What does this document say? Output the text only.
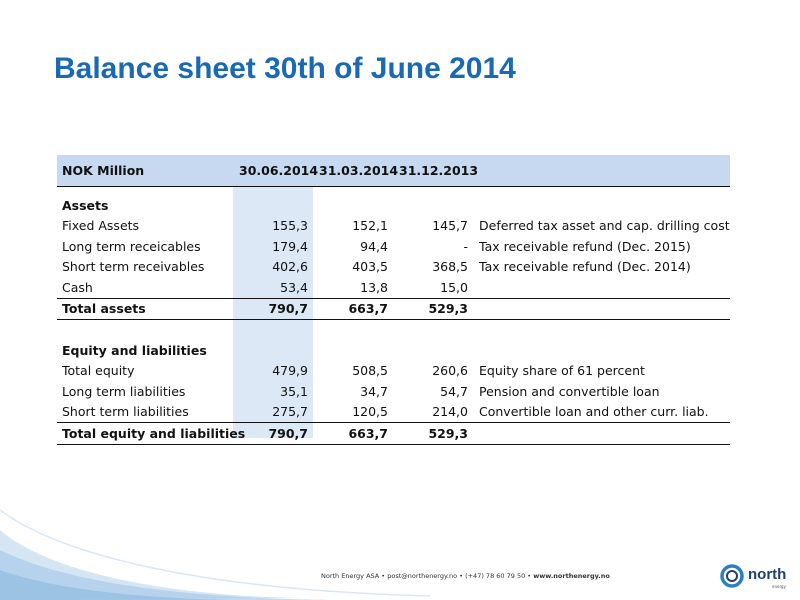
Balance sheet 30th of June 2014
NOK Million	30.06.2014	31.03.2014	31.12.2013	

Assets				
Fixed Assets	155,3	152,1	145,7	Deferred tax asset and cap. drilling cost
Long term receicables	179,4	94,4	-	Tax receivable refund (Dec. 2015)
Short term receivables	402,6	403,5	368,5	Tax receivable refund (Dec. 2014)
Cash	53,4	13,8	15,0	
Total assets	790,7	663,7	529,3	

Equity and liabilities				
Total equity	479,9	508,5	260,6	Equity share of 61 percent
Long term liabilities	35,1	34,7	54,7	Pension and convertible loan
Short term liabilities	275,7	120,5	214,0	Convertible loan and other curr. liab.
Total equity and liabilities	790,7	663,7	529,3	
North Energy ASA • post@northenergy.no • (+47) 78 60 79 50 • www.northenergy.no	north
energy
